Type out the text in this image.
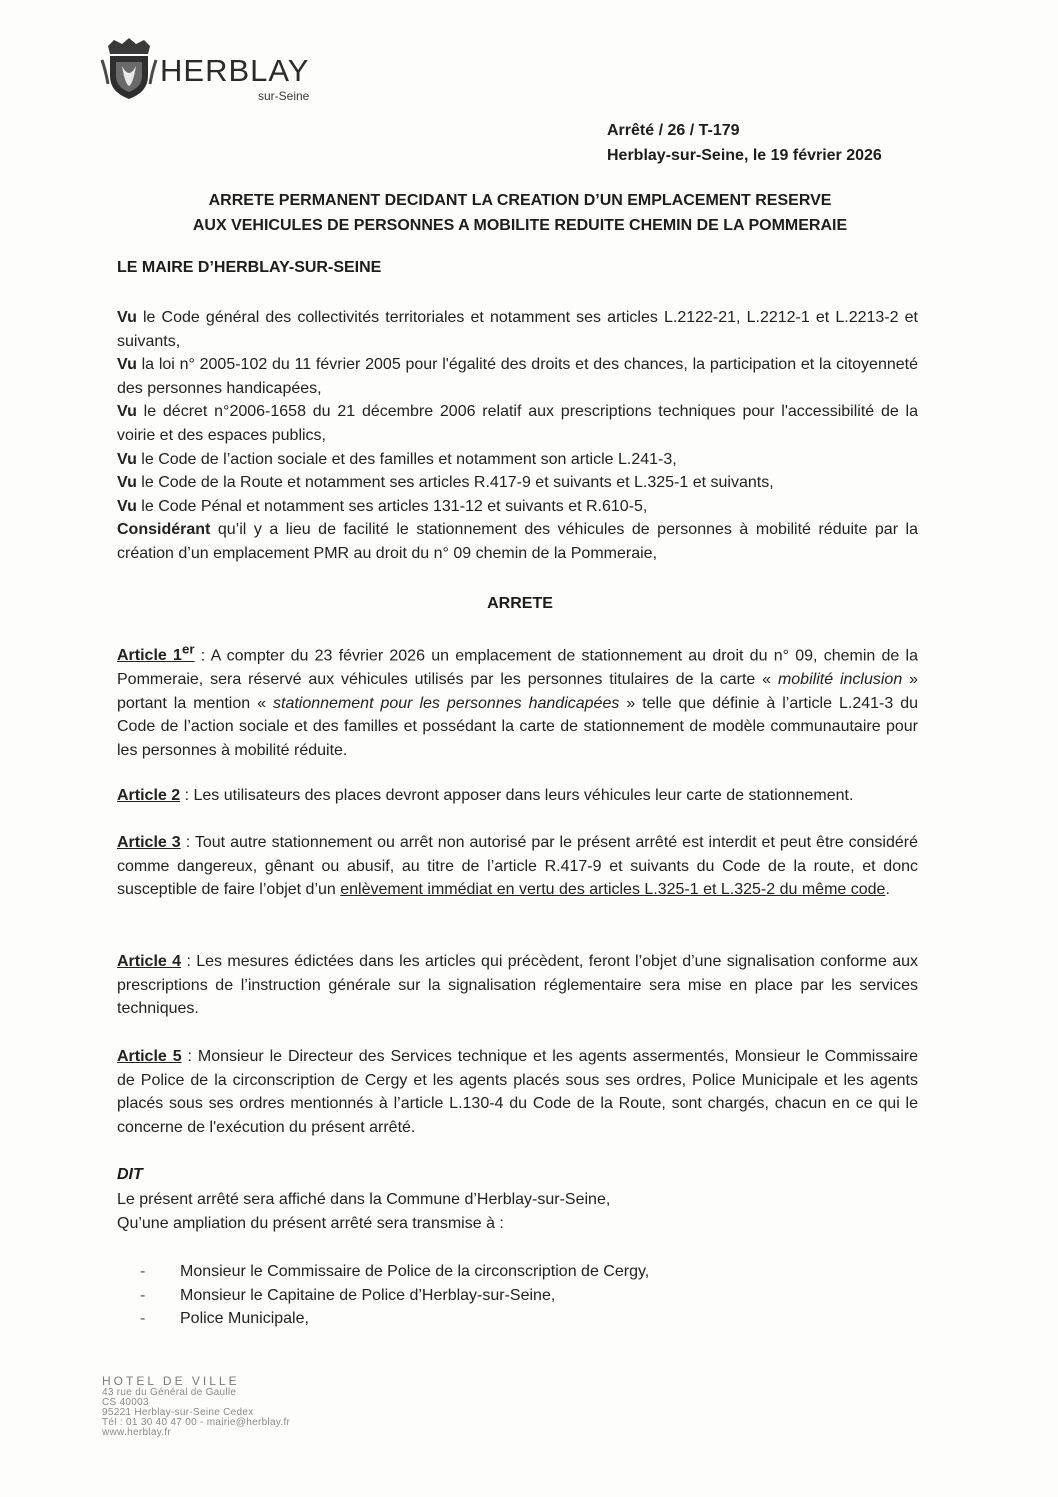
HERBLAY
sur-Seine
Arrêté / 26 / T-179
Herblay-sur-Seine, le 19 février 2026
ARRETE PERMANENT DECIDANT LA CREATION D’UN EMPLACEMENT RESERVE
AUX VEHICULES DE PERSONNES A MOBILITE REDUITE CHEMIN DE LA POMMERAIE
LE MAIRE D’HERBLAY-SUR-SEINE

Vu le Code général des collectivités territoriales et notamment ses articles L.2122-21, L.2212-1 et L.2213-2 et suivants,

Vu la loi n° 2005-102 du 11 février 2005 pour l'égalité des droits et des chances, la participation et la citoyenneté des personnes handicapées,

Vu le décret n°2006-1658 du 21 décembre 2006 relatif aux prescriptions techniques pour l'accessibilité de la voirie et des espaces publics,

Vu le Code de l’action sociale et des familles et notamment son article L.241-3,

Vu le Code de la Route et notamment ses articles R.417-9 et suivants et L.325-1 et suivants,

Vu le Code Pénal et notamment ses articles 131-12 et suivants et R.610-5,

Considérant qu’il y a lieu de facilité le stationnement des véhicules de personnes à mobilité réduite par la création d’un emplacement PMR au droit du n° 09 chemin de la Pommeraie,

ARRETE

Article 1er : A compter du 23 février 2026 un emplacement de stationnement au droit du n° 09, chemin de la Pommeraie, sera réservé aux véhicules utilisés par les personnes titulaires de la carte « mobilité inclusion » portant la mention « stationnement pour les personnes handicapées » telle que définie à l’article L.241-3 du Code de l’action sociale et des familles et possédant la carte de stationnement de modèle communautaire pour les personnes à mobilité réduite.

Article 2 : Les utilisateurs des places devront apposer dans leurs véhicules leur carte de stationnement.

Article 3 : Tout autre stationnement ou arrêt non autorisé par le présent arrêté est interdit et peut être considéré comme dangereux, gênant ou abusif, au titre de l’article R.417-9 et suivants du Code de la route, et donc susceptible de faire l’objet d’un enlèvement immédiat en vertu des articles L.325-1 et L.325-2 du même code.

Article 4 : Les mesures édictées dans les articles qui précèdent, feront l’objet d’une signalisation conforme aux prescriptions de l’instruction générale sur la signalisation réglementaire sera mise en place par les services techniques.

Article 5 : Monsieur le Directeur des Services technique et les agents assermentés, Monsieur le Commissaire de Police de la circonscription de Cergy et les agents placés sous ses ordres, Police Municipale et les agents placés sous ses ordres mentionnés à l’article L.130-4 du Code de la Route, sont chargés, chacun en ce qui le concerne de l'exécution du présent arrêté.

DIT

Le présent arrêté sera affiché dans la Commune d’Herblay-sur-Seine,

Qu’une ampliation du présent arrêté sera transmise à :

-	Monsieur le Commissaire de Police de la circonscription de Cergy,
-	Monsieur le Capitaine de Police d’Herblay-sur-Seine,
-	Police Municipale,

HOTEL DE VILLE

43 rue du Général de Gaulle

CS 40003

95221 Herblay-sur-Seine Cedex

Tél : 01 30 40 47 00 - mairie@herblay.fr

www.herblay.fr
